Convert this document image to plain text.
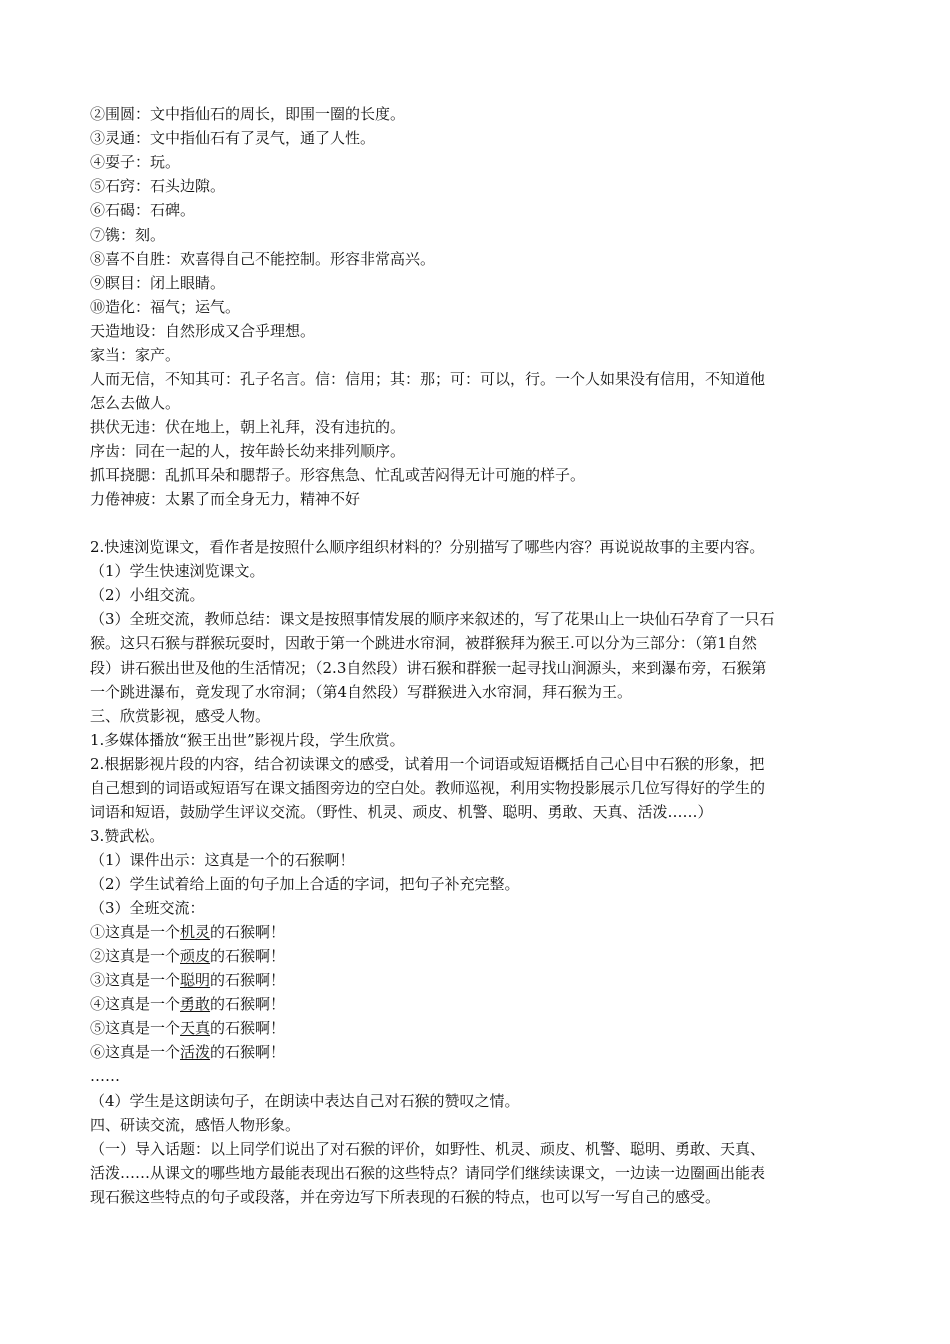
②围圆：文中指仙石的周长，即围一圈的长度。
③灵通：文中指仙石有了灵气，通了人性。
④耍子：玩。
⑤石窍：石头边隙。
⑥石碣：石碑。
⑦镌：刻。
⑧喜不自胜：欢喜得自己不能控制。形容非常高兴。
⑨瞑目：闭上眼睛。
⑩造化：福气；运气。
天造地设：自然形成又合乎理想。
家当：家产。
人而无信，不知其可：孔子名言。信：信用；其：那；可：可以，行。一个人如果没有信用，不知道他
怎么去做人。
拱伏无违：伏在地上，朝上礼拜，没有违抗的。
序齿：同在一起的人，按年龄长幼来排列顺序。
抓耳挠腮：乱抓耳朵和腮帮子。形容焦急、忙乱或苦闷得无计可施的样子。
力倦神疲：太累了而全身无力，精神不好
2.快速浏览课文，看作者是按照什么顺序组织材料的？分别描写了哪些内容？再说说故事的主要内容。
（1）学生快速浏览课文。
（2）小组交流。
（3）全班交流，教师总结：课文是按照事情发展的顺序来叙述的，写了花果山上一块仙石孕育了一只石
猴。这只石猴与群猴玩耍时，因敢于第一个跳进水帘洞，被群猴拜为猴王.可以分为三部分：（第1自然
段）讲石猴出世及他的生活情况；（2.3自然段）讲石猴和群猴一起寻找山涧源头，来到瀑布旁，石猴第
一个跳进瀑布，竟发现了水帘洞；（第4自然段）写群猴进入水帘洞，拜石猴为王。
三、欣赏影视，感受人物。
1.多媒体播放“猴王出世”影视片段，学生欣赏。
2.根据影视片段的内容，结合初读课文的感受，试着用一个词语或短语概括自己心目中石猴的形象，把
自己想到的词语或短语写在课文插图旁边的空白处。教师巡视，利用实物投影展示几位写得好的学生的
词语和短语，鼓励学生评议交流。（野性、机灵、顽皮、机警、聪明、勇敢、天真、活泼……）
3.赞武松。
（1）课件出示：这真是一个的石猴啊！
（2）学生试着给上面的句子加上合适的字词，把句子补充完整。
（3）全班交流：
①这真是一个机灵的石猴啊！
②这真是一个顽皮的石猴啊！
③这真是一个聪明的石猴啊！
④这真是一个勇敢的石猴啊！
⑤这真是一个天真的石猴啊！
⑥这真是一个活泼的石猴啊！
……
（4）学生是这朗读句子，在朗读中表达自己对石猴的赞叹之情。
四、研读交流，感悟人物形象。
（一）导入话题：以上同学们说出了对石猴的评价，如野性、机灵、顽皮、机警、聪明、勇敢、天真、
活泼……从课文的哪些地方最能表现出石猴的这些特点？请同学们继续读课文，一边读一边圈画出能表
现石猴这些特点的句子或段落，并在旁边写下所表现的石猴的特点，也可以写一写自己的感受。
